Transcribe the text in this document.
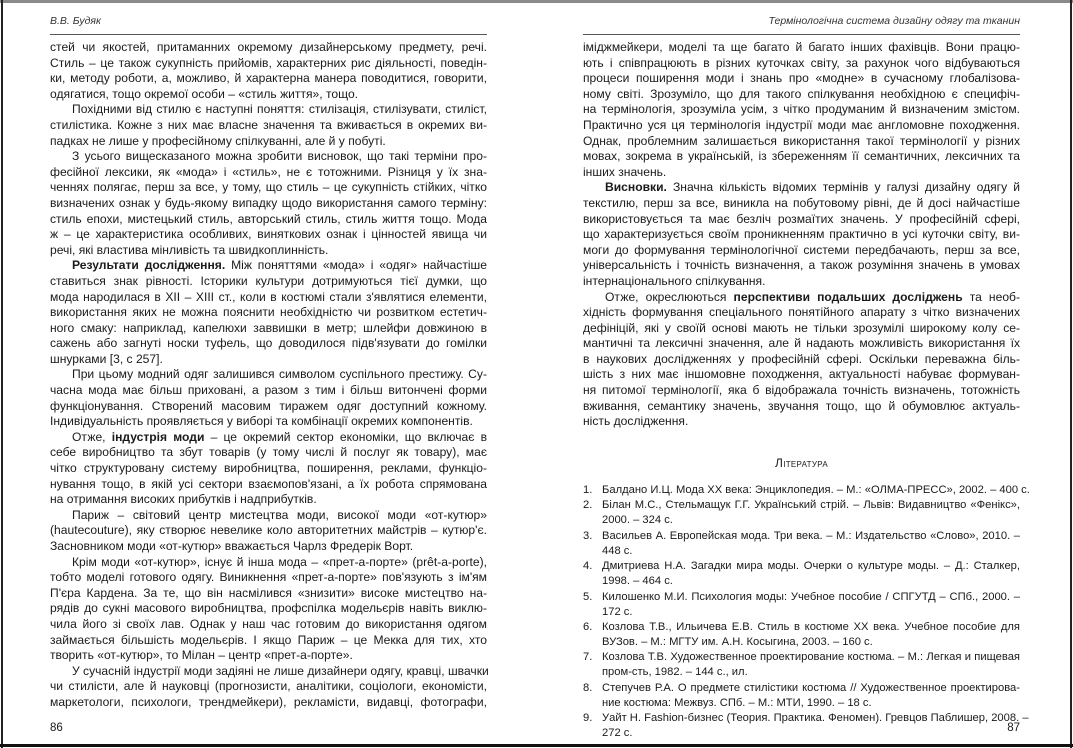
В.В. Будяк
стей чи якостей, притаманних окремому дизайнерському предмету, речі.
Стиль – це також сукупність прийомів, характерних рис діяльності, поведін-
ки, методу роботи, а, можливо, й характерна манера поводитися, говорити,
одягатися, тощо окремої особи – «стиль життя», тощо.
Похідними від стилю є наступні поняття: стилізація, стилізувати, стиліст,
стилістика. Кожне з них має власне значення та вживається в окремих ви-
падках не лише у професійному спілкуванні, але й у побуті.
З усього вищесказаного можна зробити висновок, що такі терміни про-
фесійної лексики, як «мода» і «стиль», не є тотожними. Різниця у їх зна-
ченнях полягає, перш за все, у тому, що стиль – це сукупність стійких, чітко
визначених ознак у будь-якому випадку щодо використання самого терміну:
стиль епохи, мистецький стиль, авторський стиль, стиль життя тощо. Мода
ж – це характеристика особливих, виняткових ознак і цінностей явища чи
речі, які властива мінливість та швидкоплинність.
Результати дослідження. Між поняттями «мода» і «одяг» найчастіше
ставиться знак рівності. Історики культури дотримуються тієї думки, що
мода народилася в XII – XIII ст., коли в костюмі стали з'являтися елементи,
використання яких не можна пояснити необхідністю чи розвитком естетич-
ного смаку: наприклад, капелюхи заввишки в метр; шлейфи довжиною в
сажень або загнуті носки туфель, що доводилося підв'язувати до гомілки
шнурками [3, с 257].
При цьому модний одяг залишився символом суспільного престижу. Су-
часна мода має більш приховані, а разом з тим і більш витончені форми
функціонування. Створений масовим тиражем одяг доступний кожному.
Індивідуальність проявляється у виборі та комбінації окремих компонентів.
Отже, індустрія моди – це окремий сектор економіки, що включає в
себе виробництво та збут товарів (у тому числі й послуг як товару), має
чітко структуровану систему виробництва, поширення, реклами, функціо-
нування тощо, в якій усі сектори взаємопов'язані, а їх робота спрямована
на отримання високих прибутків і надприбутків.
Париж – світовий центр мистецтва моди, високої моди «от-кутюр»
(hautecouture), яку створює невелике коло авторитетних майстрів – кутюр'є.
Засновником моди «от-кутюр» вважається Чарлз Фредерік Ворт.
Крім моди «от-кутюр», існує й інша мода – «прет-а-порте» (prêt-a-porte),
тобто моделі готового одягу. Виникнення «прет-а-порте» пов'язують з ім'ям
П'єра Кардена. За те, що він насмілився «знизити» високе мистецтво на-
рядів до сукні масового виробництва, профспілка модельєрів навіть виклю-
чила його зі своїх лав. Однак у наш час готовим до використання одягом
займається більшість модельєрів. І якщо Париж – це Мекка для тих, хто
творить «от-кутюр», то Мілан – центр «прет-а-порте».
У сучасній індустрії моди задіяні не лише дизайнери одягу, кравці, швачки
чи стилісти, але й науковці (прогнозисти, аналітики, соціологи, економісти,
маркетологи, психологи, трендмейкери), рекламісти, видавці, фотографи,
86
Термінологічна система дизайну одягу та тканин
іміджмейкери, моделі та ще багато й багато інших фахівців. Вони працю-
ють і співпрацюють в різних куточках світу, за рахунок чого відбуваються
процеси поширення моди і знань про «модне» в сучасному глобалізова-
ному світі. Зрозуміло, що для такого спілкування необхідною є специфіч-
на термінологія, зрозуміла усім, з чітко продуманим й визначеним змістом.
Практично уся ця термінологія індустрії моди має англомовне походження.
Однак, проблемним залишається використання такої термінології у різних
мовах, зокрема в українській, із збереженням її семантичних, лексичних та
інших значень.
Висновки. Значна кількість відомих термінів у галузі дизайну одягу й
текстилю, перш за все, виникла на побутовому рівні, де й досі найчастіше
використовується та має безліч розмаїтих значень. У професійній сфері,
що характеризується своїм проникненням практично в усі куточки світу, ви-
моги до формування термінологічної системи передбачають, перш за все,
універсальність і точність визначення, а також розуміння значень в умовах
інтернаціонального спілкування.
Отже, окреслюються перспективи подальших досліджень та необ-
хідність формування спеціального понятійного апарату з чітко визначених
дефініцій, які у своїй основі мають не тільки зрозумілі широкому колу се-
мантичні та лексичні значення, але й надають можливість використання їх
в наукових дослідженнях у професійній сфері. Оскільки переважна біль-
шість з них має іншомовне походження, актуальності набуває формуван-
ня питомої термінології, яка б відображала точність визначень, тотожність
вживання, семантику значень, звучання тощо, що й обумовлює актуаль-
ність дослідження.
Література
1. Балдано И.Ц. Мода XX века: Энциклопедия. – М.: «ОЛМА-ПРЕСС», 2002. – 400 с.
2. Білан М.С., Стельмащук Г.Г. Український стрій. – Львів: Видавництво «Фенікс»,
2000. – 324 с.
3. Васильев А. Европейская мода. Три века. – М.: Издательство «Слово», 2010. –
448 с.
4. Дмитриева Н.А. Загадки мира моды. Очерки о культуре моды. – Д.: Сталкер,
1998. – 464 с.
5. Килошенко М.И. Психология моды: Учебное пособие / СПГУТД – СПб., 2000. –
172 с.
6. Козлова Т.В., Ильичева Е.В. Стиль в костюме XX века. Учебное пособие для
ВУЗов. – М.: МГТУ им. А.Н. Косыгина, 2003. – 160 с.
7. Козлова Т.В. Художественное проектирование костюма. – М.: Легкая и пищевая
пром-сть, 1982. – 144 с., ил.
8. Степучев Р.А. О предмете стилістики костюма // Художественное проектирова-
ние костюма: Межвуз. СПб. – М.: МТИ, 1990. – 18 с.
9. Уайт Н. Fashion-бизнес (Теория. Практика. Феномен). Гревцов Паблишер, 2008. –
272 с.	87
